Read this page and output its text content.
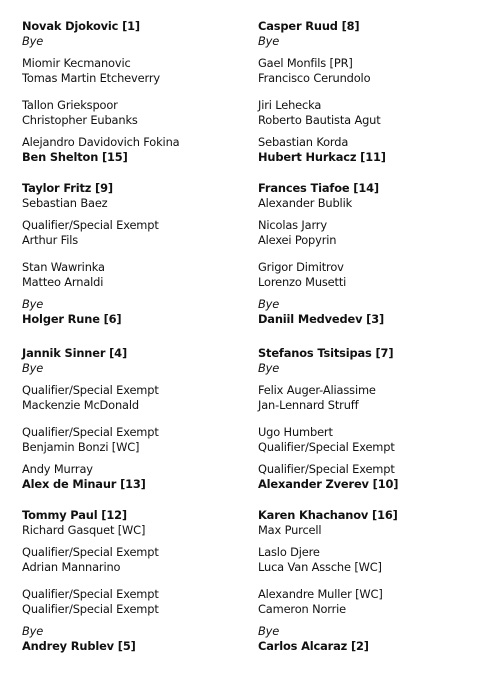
Novak Djokovic [1]
Bye
Miomir Kecmanovic
Tomas Martin Etcheverry
Tallon Griekspoor
Christopher Eubanks
Alejandro Davidovich Fokina
Ben Shelton [15]
Taylor Fritz [9]
Sebastian Baez
Qualifier/Special Exempt
Arthur Fils
Stan Wawrinka
Matteo Arnaldi
Bye
Holger Rune [6]
Jannik Sinner [4]
Bye
Qualifier/Special Exempt
Mackenzie McDonald
Qualifier/Special Exempt
Benjamin Bonzi [WC]
Andy Murray
Alex de Minaur [13]
Tommy Paul [12]
Richard Gasquet [WC]
Qualifier/Special Exempt
Adrian Mannarino
Qualifier/Special Exempt
Qualifier/Special Exempt
Bye
Andrey Rublev [5]
Casper Ruud [8]
Bye
Gael Monfils [PR]
Francisco Cerundolo
Jiri Lehecka
Roberto Bautista Agut
Sebastian Korda
Hubert Hurkacz [11]
Frances Tiafoe [14]
Alexander Bublik
Nicolas Jarry
Alexei Popyrin
Grigor Dimitrov
Lorenzo Musetti
Bye
Daniil Medvedev [3]
Stefanos Tsitsipas [7]
Bye
Felix Auger-Aliassime
Jan-Lennard Struff
Ugo Humbert
Qualifier/Special Exempt
Qualifier/Special Exempt
Alexander Zverev [10]
Karen Khachanov [16]
Max Purcell
Laslo Djere
Luca Van Assche [WC]
Alexandre Muller [WC]
Cameron Norrie
Bye
Carlos Alcaraz [2]
